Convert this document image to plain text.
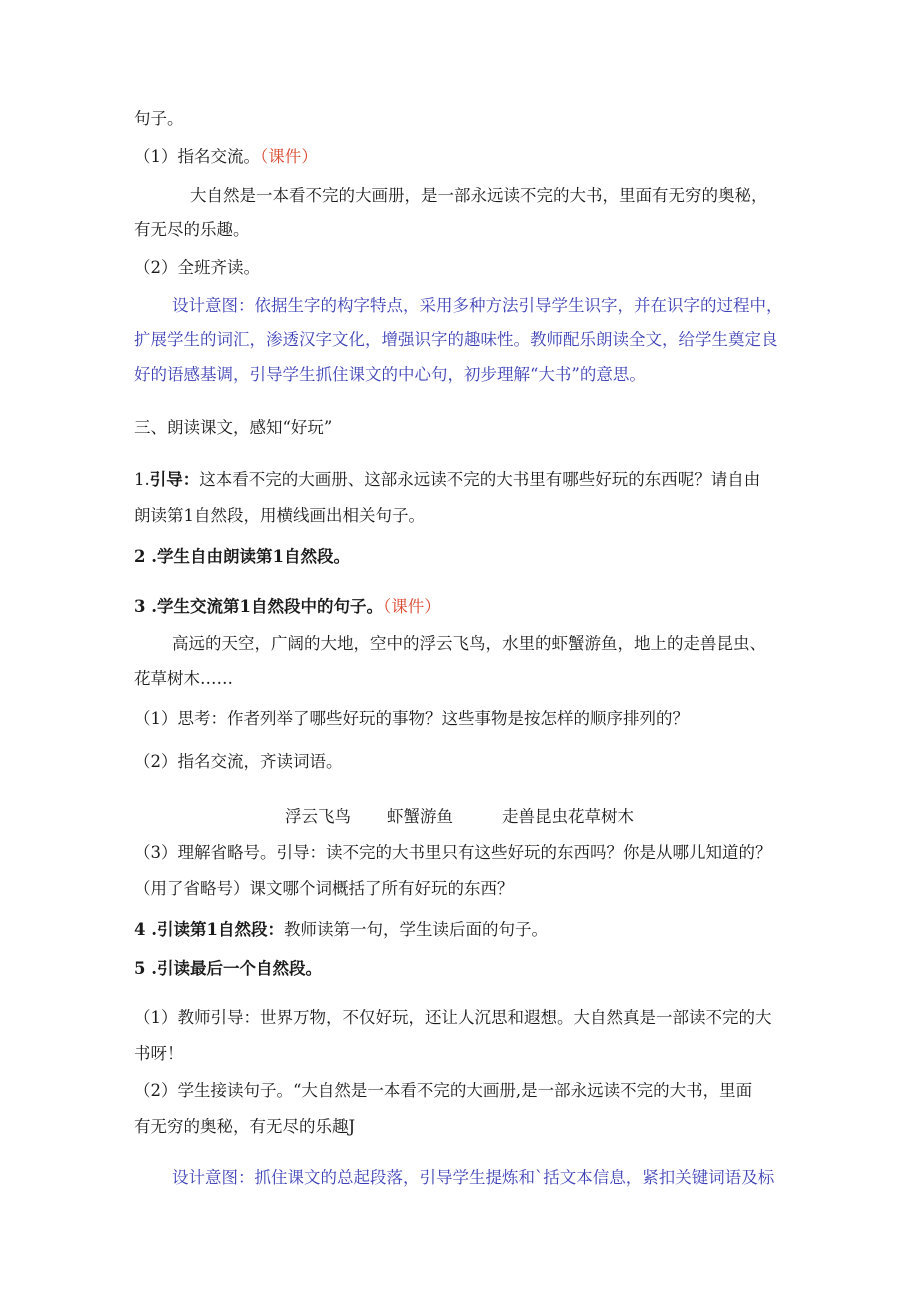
句子。
（1）指名交流。（课件）
大自然是一本看不完的大画册，是一部永远读不完的大书，里面有无穷的奥秘，
有无尽的乐趣。
（2）全班齐读。
设计意图：依据生字的构字特点，采用多种方法引导学生识字，并在识字的过程中，
扩展学生的词汇，渗透汉字文化，增强识字的趣味性。教师配乐朗读全文，给学生奠定良
好的语感基调，引导学生抓住课文的中心句，初步理解“大书”的意思。
三、朗读课文，感知“好玩”
1.引导：这本看不完的大画册、这部永远读不完的大书里有哪些好玩的东西呢？请自由
朗读第1自然段，用横线画出相关句子。
2 .学生自由朗读第1自然段。
3 .学生交流第1自然段中的句子。（课件）
高远的天空，广阔的大地，空中的浮云飞鸟，水里的虾蟹游鱼，地上的走兽昆虫、
花草树木……
（1）思考：作者列举了哪些好玩的事物？这些事物是按怎样的顺序排列的？
（2）指名交流，齐读词语。
浮云飞鸟 虾蟹游鱼	走兽昆虫花草树木
（3）理解省略号。引导：读不完的大书里只有这些好玩的东西吗？你是从哪儿知道的？
（用了省略号）课文哪个词概括了所有好玩的东西？
4 .引读第1自然段：教师读第一句，学生读后面的句子。
5 .引读最后一个自然段。
（1）教师引导：世界万物，不仅好玩，还让人沉思和遐想。大自然真是一部读不完的大
书呀！
（2）学生接读句子。“大自然是一本看不完的大画册,是一部永远读不完的大书，里面
有无穷的奥秘，有无尽的乐趣J
设计意图：抓住课文的总起段落，引导学生提炼和`括文本信息，紧扣关键词语及标
